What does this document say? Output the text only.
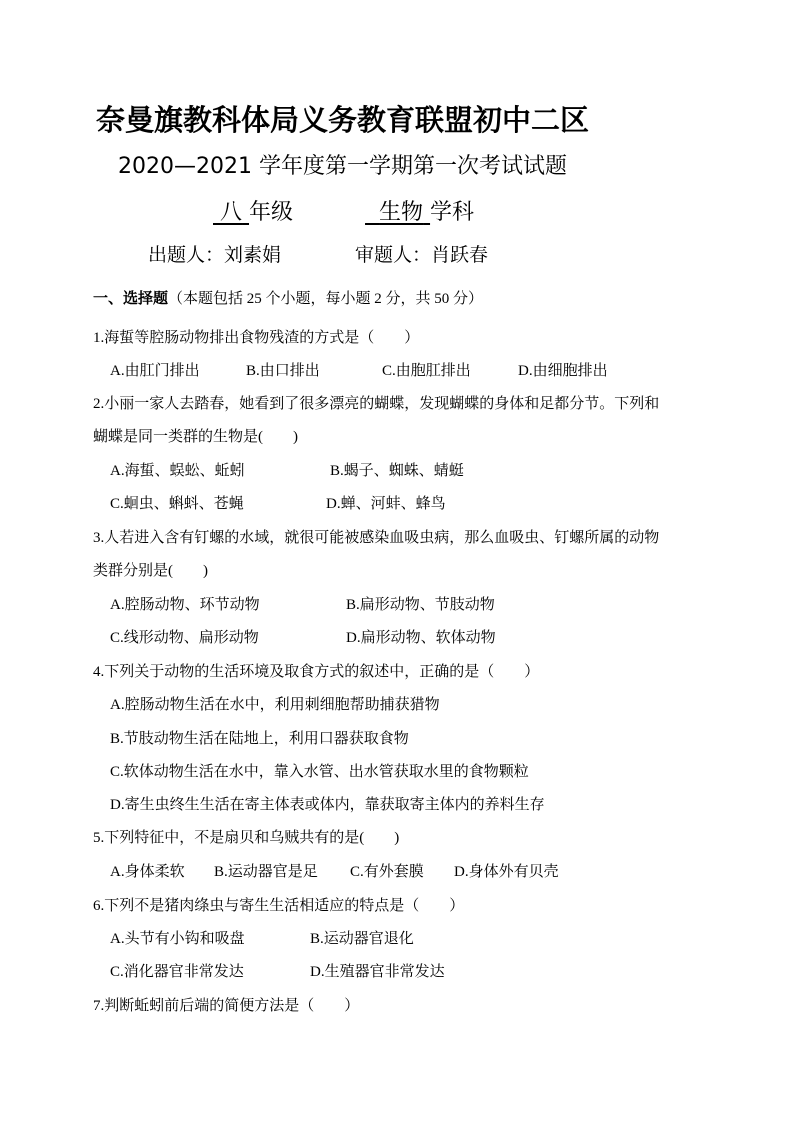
奈曼旗教科体局义务教育联盟初中二区
2020—2021 学年度第一学期第一次考试试题
八 年级	生物 学科
出题人：刘素娟	审题人：肖跃春
一、选择题（本题包括 25 个小题，每小题 2 分，共 50 分）
1.海蜇等腔肠动物排出食物残渣的方式是（　　）
A.由肛门排出	B.由口排出	C.由胞肛排出	D.由细胞排出
2.小丽一家人去踏春，她看到了很多漂亮的蝴蝶，发现蝴蝶的身体和足都分节。下列和
蝴蝶是同一类群的生物是(　　)
A.海蜇、蜈蚣、蚯蚓	B.蝎子、蜘蛛、蜻蜓
C.蛔虫、蝌蚪、苍蝇	D.蝉、河蚌、蜂鸟
3.人若进入含有钉螺的水域，就很可能被感染血吸虫病，那么血吸虫、钉螺所属的动物
类群分别是(　　)
A.腔肠动物、环节动物	B.扁形动物、节肢动物
C.线形动物、扁形动物	D.扁形动物、软体动物
4.下列关于动物的生活环境及取食方式的叙述中，正确的是（　　）
A.腔肠动物生活在水中，利用刺细胞帮助捕获猎物
B.节肢动物生活在陆地上，利用口器获取食物
C.软体动物生活在水中，靠入水管、出水管获取水里的食物颗粒
D.寄生虫终生生活在寄主体表或体内，靠获取寄主体内的养料生存
5.下列特征中，不是扇贝和乌贼共有的是(　　)
A.身体柔软 B.运动器官是足 C.有外套膜 D.身体外有贝壳
6.下列不是猪肉绦虫与寄生生活相适应的特点是（　　）
A.头节有小钩和吸盘	B.运动器官退化
C.消化器官非常发达	D.生殖器官非常发达
7.判断蚯蚓前后端的简便方法是（　　）
